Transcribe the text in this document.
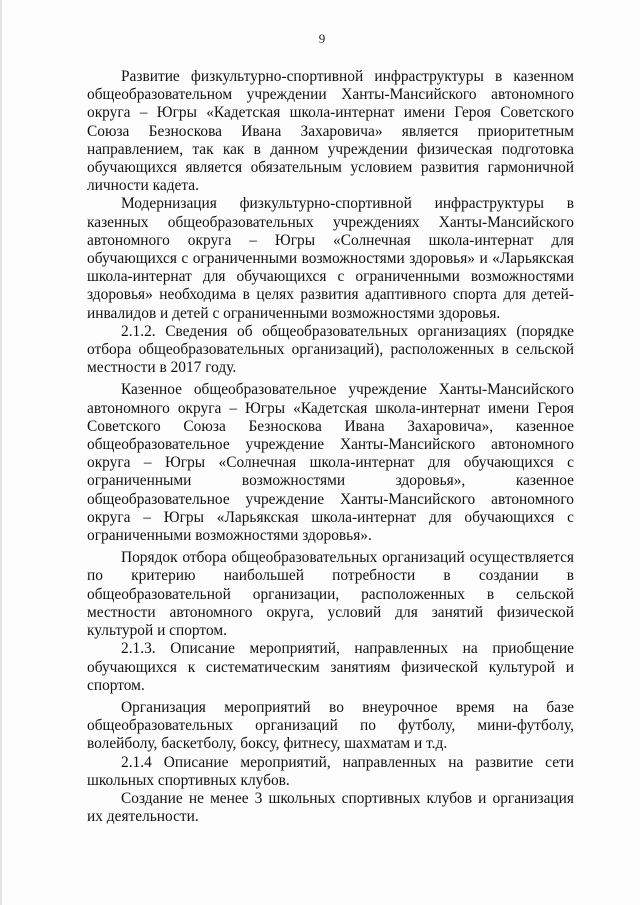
9

Развитие физкультурно-спортивной инфраструктуры в казенном общеобразовательном учреждении Ханты-Мансийского автономного округа – Югры «Кадетская школа-интернат имени Героя Советского Союза Безноскова Ивана Захаровича» является приоритетным направлением, так как в данном учреждении физическая подготовка обучающихся является обязательным условием развития гармоничной личности кадета.

Модернизация физкультурно-спортивной инфраструктуры в казенных общеобразовательных учреждениях Ханты-Мансийского автономного округа – Югры «Солнечная школа-интернат для обучающихся с ограниченными возможностями здоровья» и «Ларьякская школа-интернат для обучающихся с ограниченными возможностями здоровья» необходима в целях развития адаптивного спорта для детей-инвалидов и детей с ограниченными возможностями здоровья.

2.1.2. Сведения об общеобразовательных организациях (порядке отбора общеобразовательных организаций), расположенных в сельской местности в 2017 году.

Казенное общеобразовательное учреждение Ханты-Мансийского автономного округа – Югры «Кадетская школа-интернат имени Героя Советского Союза Безноскова Ивана Захаровича», казенное общеобразовательное учреждение Ханты-Мансийского автономного округа – Югры «Солнечная школа-интернат для обучающихся с ограниченными возможностями здоровья», казенное общеобразовательное учреждение Ханты-Мансийского автономного округа – Югры «Ларьякская школа-интернат для обучающихся с ограниченными возможностями здоровья».

Порядок отбора общеобразовательных организаций осуществляется по критерию наибольшей потребности в создании в общеобразовательной организации, расположенных в сельской местности автономного округа, условий для занятий физической культурой и спортом.

2.1.3. Описание мероприятий, направленных на приобщение обучающихся к систематическим занятиям физической культурой и спортом.

Организация мероприятий во внеурочное время на базе общеобразовательных организаций по футболу, мини-футболу, волейболу, баскетболу, боксу, фитнесу, шахматам и т.д.

2.1.4 Описание мероприятий, направленных на развитие сети школьных спортивных клубов.

Создание не менее 3 школьных спортивных клубов и организация их деятельности.
